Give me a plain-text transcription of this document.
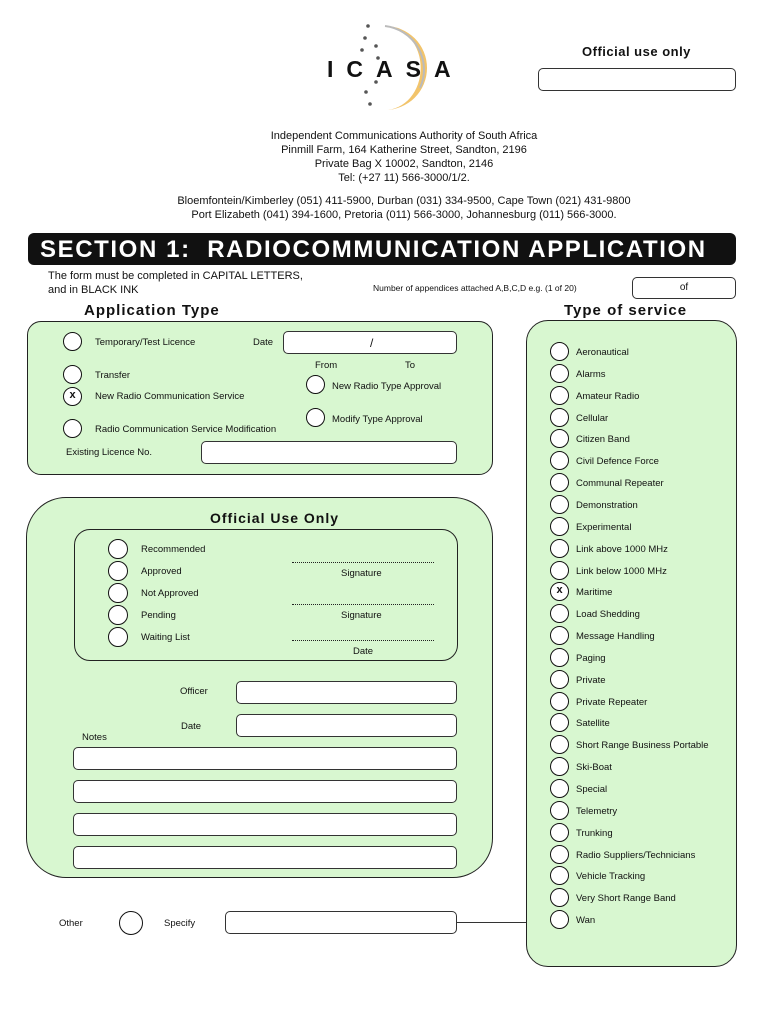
ICASA
Official use only
Independent Communications Authority of South Africa
Pinmill Farm, 164 Katherine Street, Sandton, 2196
Private Bag X 10002, Sandton, 2146
Tel: (+27 11) 566-3000/1/2.
Bloemfontein/Kimberley (051) 411-5900, Durban (031) 334-9500, Cape Town (021) 431-9800
Port Elizabeth (041) 394-1600, Pretoria (011) 566-3000, Johannesburg (011) 566-3000.
SECTION 1:  RADIOCOMMUNICATION APPLICATION
The form must be completed in CAPITAL LETTERS,
and in BLACK INK	Number of appendices attached A,B,C,D e.g. (1 of 20)	of
Application Type
Temporary/Test Licence	Date	/
From	To
Transfer
New Radio Type Approval
x	New Radio Communication Service
Modify Type Approval
Radio Communication Service Modification
Existing Licence No.
Official Use Only
Recommended
Approved
Not Approved
Pending
Waiting List
Signature
Signature
Date
Officer
Date
Notes
Other	Specify
Type of service
Aeronautical
Alarms
Amateur Radio
Cellular
Citizen Band
Civil Defence Force
Communal Repeater
Demonstration
Experimental
Link above 1000 MHz
Link below 1000 MHz
x	Maritime
Load Shedding
Message Handling
Paging
Private
Private Repeater
Satellite
Short Range Business Portable
Ski-Boat
Special
Telemetry
Trunking
Radio Suppliers/Technicians
Vehicle Tracking
Very Short Range Band
Wan
